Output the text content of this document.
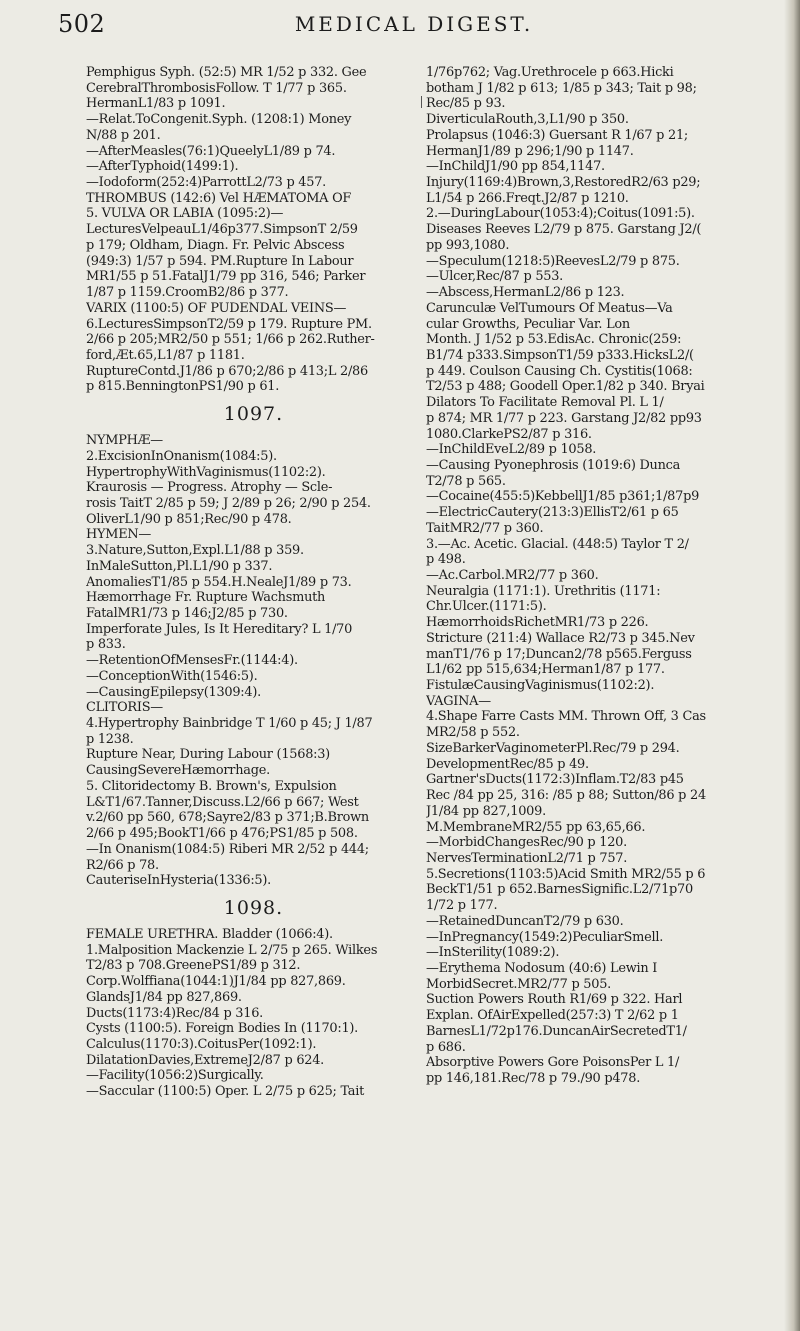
502	MEDICAL DIGEST.
Pemphigus Syph. (52:5) MR 1/52 p 332. Gee
CerebralThrombosisFollow. T 1/77 p 365.
HermanL1/83 p 1091.
—Relat.ToCongenit.Syph. (1208:1) Money
N/88 p 201.
—AfterMeasles(76:1)QueelyL1/89 p 74.
—AfterTyphoid(1499:1).
—Iodoform(252:4)ParrottL2/73 p 457.
THROMBUS (142:6) Vel HÆMATOMA OF
5. VULVA OR LABIA (1095:2)—
LecturesVelpeauL1/46p377.SimpsonT 2/59
p 179; Oldham, Diagn. Fr. Pelvic Abscess
(949:3) 1/57 p 594. PM.Rupture In Labour
MR1/55 p 51.FatalJ1/79 pp 316, 546; Parker
1/87 p 1159.CroomB2/86 p 377.
VARIX (1100:5) OF PUDENDAL VEINS—
6.LecturesSimpsonT2/59 p 179. Rupture PM.
2/66 p 205;MR2/50 p 551; 1/66 p 262.Ruther-
ford,Æt.65,L1/87 p 1181.
RuptureContd.J1/86 p 670;2/86 p 413;L 2/86
p 815.BenningtonPS1/90 p 61.
1097.
NYMPHÆ—
2.ExcisionInOnanism(1084:5).
HypertrophyWithVaginismus(1102:2).
Kraurosis — Progress. Atrophy — Scle-
rosis TaitT 2/85 p 59; J 2/89 p 26; 2/90 p 254.
OliverL1/90 p 851;Rec/90 p 478.
HYMEN—
3.Nature,Sutton,Expl.L1/88 p 359.
InMaleSutton,Pl.L1/90 p 337.
AnomaliesT1/85 p 554.H.NealeJ1/89 p 73.
Hæmorrhage Fr. Rupture Wachsmuth
FatalMR1/73 p 146;J2/85 p 730.
Imperforate Jules, Is It Hereditary? L 1/70
p 833.
—RetentionOfMensesFr.(1144:4).
—ConceptionWith(1546:5).
—CausingEpilepsy(1309:4).
CLITORIS—
4.Hypertrophy Bainbridge T 1/60 p 45; J 1/87
p 1238.
Rupture Near, During Labour (1568:3)
CausingSevereHæmorrhage.
5. Clitoridectomy B. Brown's, Expulsion
L&T1/67.Tanner,Discuss.L2/66 p 667; West
v.2/60 pp 560, 678;Sayre2/83 p 371;B.Brown
2/66 p 495;BookT1/66 p 476;PS1/85 p 508.
—In Onanism(1084:5) Riberi MR 2/52 p 444;
R2/66 p 78.
CauteriseInHysteria(1336:5).
1098.
FEMALE URETHRA. Bladder (1066:4).
1.Malposition Mackenzie L 2/75 p 265. Wilkes
T2/83 p 708.GreenePS1/89 p 312.
Corp.Wolffiana(1044:1)J1/84 pp 827,869.
GlandsJ1/84 pp 827,869.
Ducts(1173:4)Rec/84 p 316.
Cysts (1100:5). Foreign Bodies In (1170:1).
Calculus(1170:3).CoitusPer(1092:1).
DilatationDavies,ExtremeJ2/87 p 624.
—Facility(1056:2)Surgically.
—Saccular (1100:5) Oper. L 2/75 p 625; Tait
1/76p762; Vag.Urethrocele p 663.Hicki
botham J 1/82 p 613; 1/85 p 343; Tait p 98;
Rec/85 p 93.
DiverticulaRouth,3,L1/90 p 350.
Prolapsus (1046:3) Guersant R 1/67 p 21;
HermanJ1/89 p 296;1/90 p 1147.
—InChildJ1/90 pp 854,1147.
Injury(1169:4)Brown,3,RestoredR2/63 p29;
L1/54 p 266.Freqt.J2/87 p 1210.
2.—DuringLabour(1053:4);Coitus(1091:5).
Diseases Reeves L2/79 p 875. Garstang J2/(
pp 993,1080.
—Speculum(1218:5)ReevesL2/79 p 875.
—Ulcer,Rec/87 p 553.
—Abscess,HermanL2/86 p 123.
Carunculæ VelTumours Of Meatus—Va
cular Growths, Peculiar Var. Lon
Month. J 1/52 p 53.EdisAc. Chronic(259:
B1/74 p333.SimpsonT1/59 p333.HicksL2/(
p 449. Coulson Causing Ch. Cystitis(1068:
T2/53 p 488; Goodell Oper.1/82 p 340. Bryai
Dilators To Facilitate Removal Pl. L 1/
p 874; MR 1/77 p 223. Garstang J2/82 pp93
1080.ClarkePS2/87 p 316.
—InChildEveL2/89 p 1058.
—Causing Pyonephrosis (1019:6) Dunca
T2/78 p 565.
—Cocaine(455:5)KebbellJ1/85 p361;1/87p9
—ElectricCautery(213:3)EllisT2/61 p 65
TaitMR2/77 p 360.
3.—Ac. Acetic. Glacial. (448:5) Taylor T 2/
p 498.
—Ac.Carbol.MR2/77 p 360.
Neuralgia (1171:1). Urethritis (1171:
Chr.Ulcer.(1171:5).
HæmorrhoidsRichetMR1/73 p 226.
Stricture (211:4) Wallace R2/73 p 345.Nev
manT1/76 p 17;Duncan2/78 p565.Ferguss
L1/62 pp 515,634;Herman1/87 p 177.
FistulæCausingVaginismus(1102:2).
VAGINA—
4.Shape Farre Casts MM. Thrown Off, 3 Cas
MR2/58 p 552.
SizeBarkerVaginometerPl.Rec/79 p 294.
DevelopmentRec/85 p 49.
Gartner'sDucts(1172:3)Inflam.T2/83 p45
Rec /84 pp 25, 316: /85 p 88; Sutton/86 p 24
J1/84 pp 827,1009.
M.MembraneMR2/55 pp 63,65,66.
—MorbidChangesRec/90 p 120.
NervesTerminationL2/71 p 757.
5.Secretions(1103:5)Acid Smith MR2/55 p 6
BeckT1/51 p 652.BarnesSignific.L2/71p70
1/72 p 177.
—RetainedDuncanT2/79 p 630.
—InPregnancy(1549:2)PeculiarSmell.
—InSterility(1089:2).
—Erythema Nodosum (40:6) Lewin I
MorbidSecret.MR2/77 p 505.
Suction Powers Routh R1/69 p 322. Harl
Explan. OfAirExpelled(257:3) T 2/62 p 1
BarnesL1/72p176.DuncanAirSecretedT1/
p 686.
Absorptive Powers Gore PoisonsPer L 1/
pp 146,181.Rec/78 p 79./90 p478.
